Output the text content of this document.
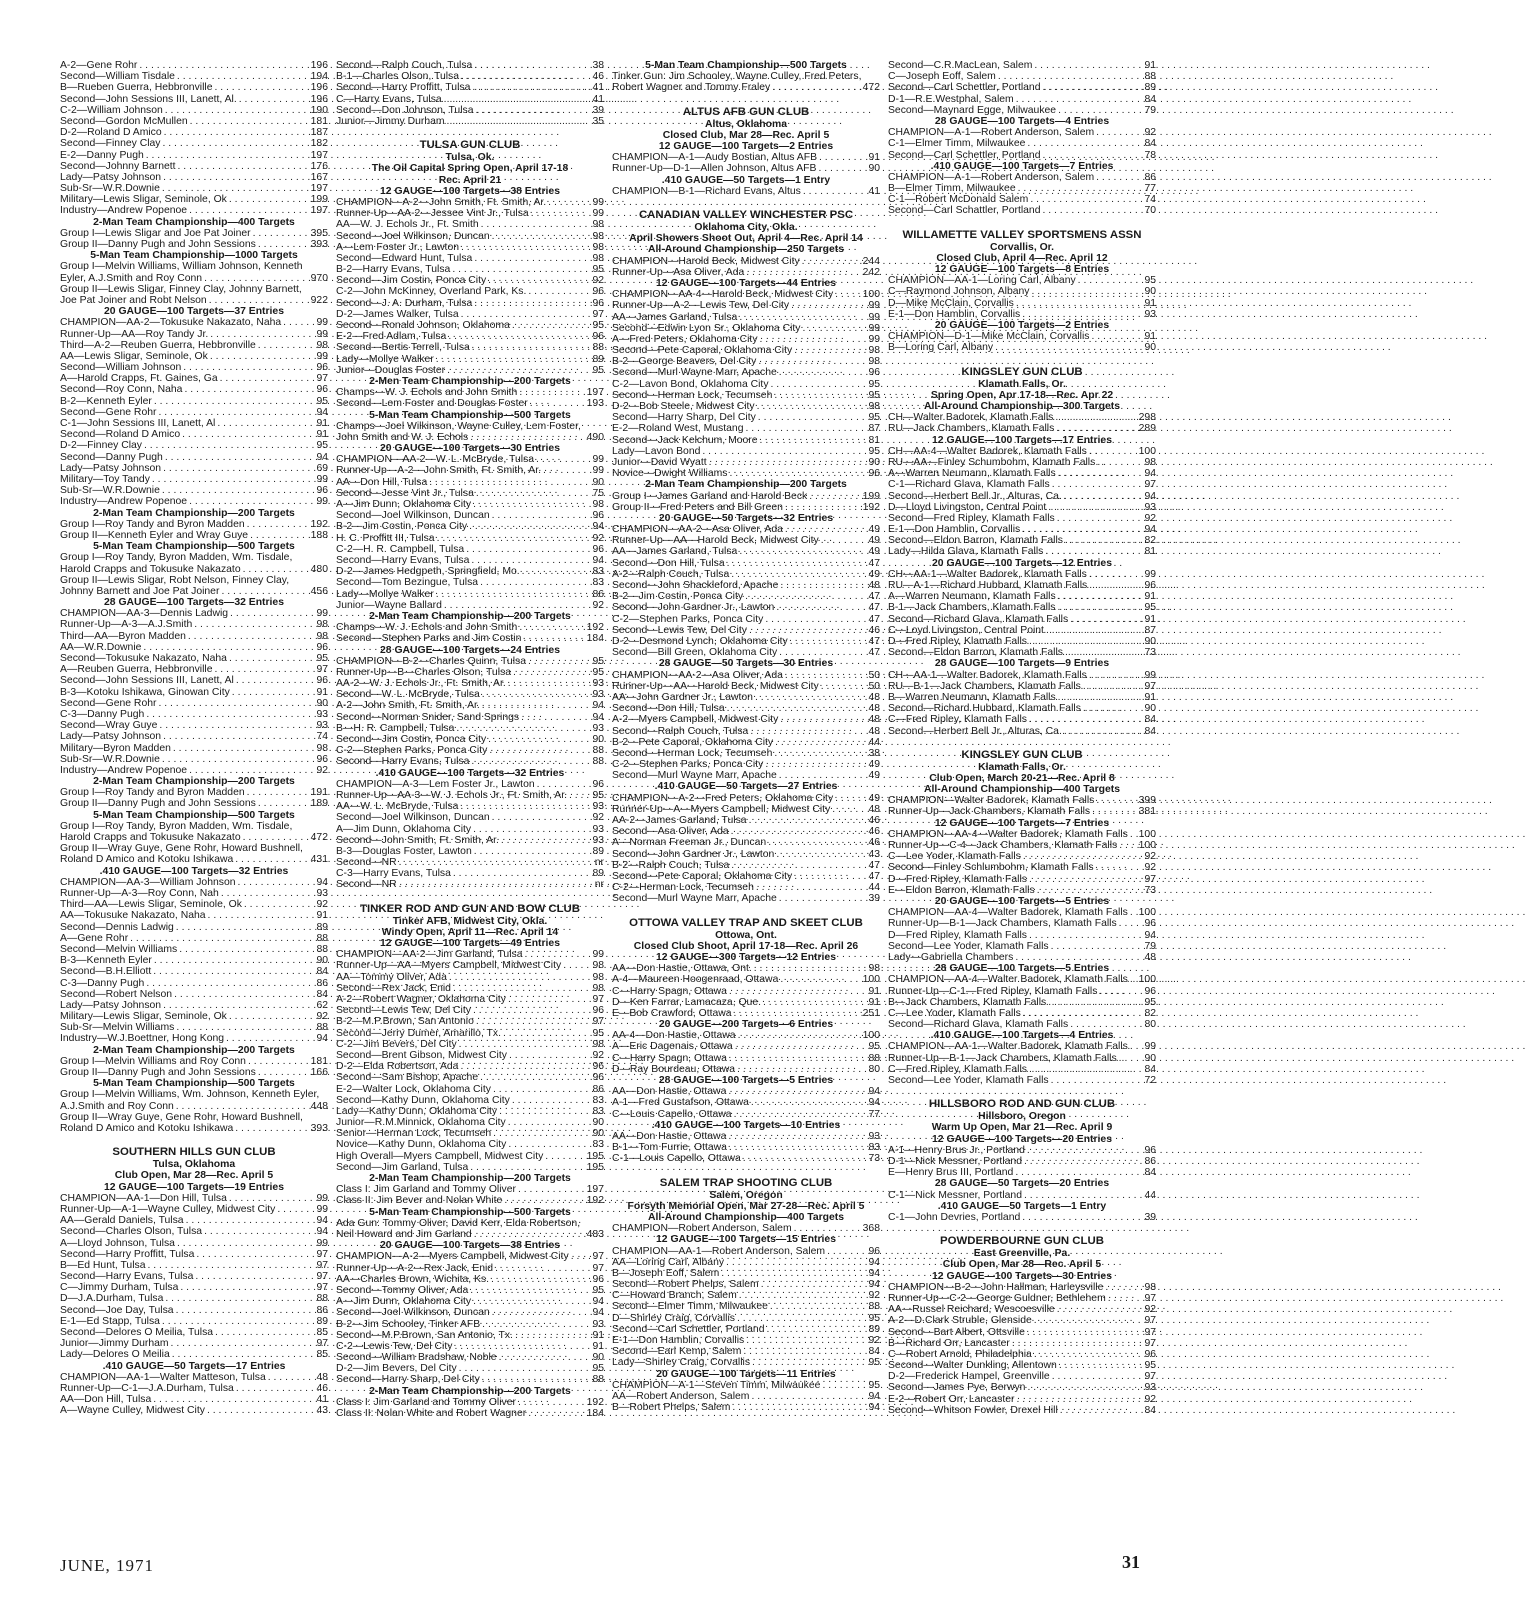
A-2—Gene Rohr . . .	196
Second—William Tisdale . . .	194
B—Rueben Guerra, Hebbronville . . .	196
Second—John Sessions III, Lanett, Al. . . .	196
C-2—William Johnson . . .	190
Second—Gordon McMullen . . .	181
D-2—Roland D Amico . . .	187
Second—Finney Clay . . .	182
E-2—Danny Pugh . . .	197
Second—Johnny Barnett . . .	176
Lady—Patsy Johnson . . .	167
Sub-Sr—W.R.Downie . . .	197
Military—Lewis Sligar, Seminole, Ok . . .	199
Industry—Andrew Popenoe . . .	197
2-Man Team Championship—400 Targets
Group I—Lewis Sligar and Joe Pat Joiner . . .	395
Group II—Danny Pugh and John Sessions . . .	393
5-Man Team Championship—1000 Targets
Group I—Melvin Williams, William Johnson, Kenneth
Eyler, A.J.Smith and Roy Conn . . .	970
Group II—Lewis Sligar, Finney Clay, Johnny Barnett,
Joe Pat Joiner and Robt Nelson . . .	922
20 GAUGE—100 Targets—37 Entries
CHAMPION—AA-2—Tokusuke Nakazato, Naha . . .	99
Runner-Up—AA—Roy Tandy Jr. . . .	99
Third—A-2—Reuben Guerra, Hebbronville . . .	98
AA—Lewis Sligar, Seminole, Ok . . .	99
Second—William Johnson . . .	96
A—Harold Crapps, Ft. Gaines, Ga . . .	97
Second—Roy Conn, Naha . . .	96
B-2—Kenneth Eyler . . .	95
Second—Gene Rohr . . .	94
C-1—John Sessions III, Lanett, Al . . .	91
Second—Roland D Amico . . .	91
D-2—Finney Clay . . .	95
Second—Danny Pugh . . .	94
Lady—Patsy Johnson . . .	69
Military—Toy Tandy . . .	99
Sub-Sr—W.R.Downie . . .	96
Industry—Andrew Popenoe . . .	99
2-Man Team Championship—200 Targets
Group I—Roy Tandy and Byron Madden . . .	192
Group II—Kenneth Eyler and Wray Guye . . .	188
5-Man Team Championship—500 Targets
Group I—Roy Tandy, Byron Madden, Wm. Tisdale,
Harold Crapps and Tokusuke Nakazato . . .	480
Group II—Lewis Sligar, Robt Nelson, Finney Clay,
Johnny Barnett and Joe Pat Joiner . . .	456
28 GAUGE—100 Targets—32 Entries
CHAMPION—AA-3—Dennis Ladwig . . .	99
Runner-Up—A-3—A.J.Smith . . .	98
Third—AA—Byron Madden . . .	98
AA—W.R.Downie . . .	96
Second—Tokusuke Nakazato, Naha . . .	95
A—Reuben Guerra, Hebbronville . . .	97
Second—John Sessions III, Lanett, Al . . .	96
B-3—Kotoku Ishikawa, Ginowan City . . .	91
Second—Gene Rohr . . .	90
C-3—Danny Pugh . . .	93
Second—Wray Guye . . .	93
Lady—Patsy Johnson . . .	74
Military—Byron Madden . . .	98
Sub-Sr—W.R.Downie . . .	96
Industry—Andrew Popenoe . . .	92
2-Man Team Championship—200 Targets
Group I—Roy Tandy and Byron Madden . . .	191
Group II—Danny Pugh and John Sessions . . .	189
5-Man Team Championship—500 Targets
Group I—Roy Tandy, Byron Madden, Wm. Tisdale,
Harold Crapps and Tokusuke Nakazato . . .	472
Group II—Wray Guye, Gene Rohr, Howard Bushnell,
Roland D Amico and Kotoku Ishikawa . . .	431
.410 GAUGE—100 Targets—32 Entries
CHAMPION—AA-3—William Johnson . . .	94
Runner-Up—A-3—Roy Conn, Nah . . .	93
Third—AA—Lewis Sligar, Seminole, Ok . . .	92
AA—Tokusuke Nakazato, Naha . . .	91
Second—Dennis Ladwig . . .	89
A—Gene Rohr . . .	88
Second—Melvin Williams . . .	88
B-3—Kenneth Eyler . . .	90
Second—B.H.Elliott . . .	84
C-3—Danny Pugh . . .	86
Second—Robert Nelson . . .	84
Lady—Patsy Johnson . . .	62
Military—Lewis Sligar, Seminole, Ok . . .	92
Sub-Sr—Melvin Williams . . .	88
Industry—W.J.Boettner, Hong Kong . . .	94
2-Man Team Championship—200 Targets
Group I—Melvin Williams and Roy Conn . . .	181
Group II—Danny Pugh and John Sessions . . .	166
5-Man Team Championship—500 Targets
Group I—Melvin Williams, Wm. Johnson, Kenneth Eyler,
A.J.Smith and Roy Conn . . .	448
Group II—Wray Guye, Gene Rohr, Howard Bushnell,
Roland D Amico and Kotoku Ishikawa . . .	393
SOUTHERN HILLS GUN CLUB
Tulsa, Oklahoma
Club Open, Mar 28—Rec. April 5
12 GAUGE—100 Targets—19 Entries
CHAMPION—AA-1—Don Hill, Tulsa . . .	99
Runner-Up—A-1—Wayne Culley, Midwest City . . .	99
AA—Gerald Daniels, Tulsa . . .	94
Second—Charles Olson, Tulsa . . .	94
A—Lloyd Johnson, Tulsa . . .	99
Second—Harry Proffitt, Tulsa . . .	97
B—Ed Hunt, Tulsa . . .	97
Second—Harry Evans, Tulsa . . .	97
C—Jimmy Durham, Tulsa . . .	97
D—J.A.Durham, Tulsa . . .	88
Second—Joe Day, Tulsa . . .	86
E-1—Ed Stapp, Tulsa . . .	89
Second—Delores O Meilia, Tulsa . . .	85
Junior—Jimmy Durham . . .	97
Lady—Delores O Meilia . . .	85
.410 GAUGE—50 Targets—17 Entries
CHAMPION—AA-1—Walter Matteson, Tulsa . . .	48
Runner-Up—C-1—J.A.Durham, Tulsa . . .	46
AA—Don Hill, Tulsa . . .	41
A—Wayne Culley, Midwest City . . .	43
Second—Ralph Couch, Tulsa . . .	38
B-1—Charles Olson, Tulsa . . .	46
Second—Harry Proffitt, Tulsa . . .	41
C—Harry Evans, Tulsa . . .	41
Second—Don Johnson, Tulsa . . .	39
Junior—Jimmy Durham . . .	35
TULSA GUN CLUB
Tulsa, Ok.
The Oil Capital Spring Open, April 17-18
Rec. April 21
12 GAUGE—100 Targets—38 Entries
CHAMPION—A-2—John Smith, Ft. Smith, Ar. . . .	99
Runner-Up—AA-2—Jessee Vint Jr., Tulsa . . .	99
AA—W. J. Echols Jr., Ft. Smith . . .	98
Second—Joel Wilkinson, Duncan . . .	98
A—Lem Foster Jr., Lawton . . .	98
Second—Edward Hunt, Tulsa . . .	98
B-2—Harry Evans, Tulsa . . .	95
Second—Jim Costin, Ponca City . . .	92
C-2—John McKinney, Overland Park, Ks. . . .	96
Second—J. A. Durham, Tulsa . . .	96
D-2—James Walker, Tulsa . . .	97
Second—Ronald Johnson, Oklahoma . . .	95
E-2—Fred Adlam, Tulsa . . .	96
Second—Bertis Terrell, Tulsa . . .	88
Lady—Mollye Walker . . .	89
Junior—Douglas Foster . . .	95
2-Men Team Championship—200 Targets
Champs—W. J. Echols and John Smith . . .	197
Second—Lem Foster and Douglas Foster . . .	193
5-Man Team Championship—500 Targets
Champs—Joel Wilkinson, Wayne Culley, Lem Foster,
John Smith and W. J. Echols . . .	490
20 GAUGE—100 Targets—30 Entries
CHAMPION—AA-2—W. L. McBryde, Tulsa . . .	99
Runner-Up—A-2—John Smith, Ft. Smith, Ar. . . .	99
AA—Don Hill, Tulsa . . .	90
Second—Jesse Vint Jr., Tulsa . . .	75
A—Jim Dunn, Oklahoma City . . .	98
Second—Joel Wilkinson, Duncan . . .	96
B-2—Jim Costin, Ponca City . . .	94
H. C. Proffitt III, Tulsa . . .	92
C-2—H. R. Campbell, Tulsa . . .	96
Second—Harry Evans, Tulsa . . .	94
D-2—James Hedgpeth, Springfield, Mo. . . .	83
Second—Tom Bezingue, Tulsa . . .	83
Lady—Mollye Walker . . .	86
Junior—Wayne Ballard . . .	92
2-Man Team Championship—200 Targets
Champs—W. J. Echols and John Smith . . .	192
Second—Stephen Parks and Jim Costin . . .	184
28 GAUGE—100 Targets—24 Entries
CHAMPION—B-2—Charles Quinn, Tulsa . . .	95
Runner-Up—B—Charles Olson, Tulsa . . .	95
AA-2—W. J. Echols Jr., Ft. Smith, Ar. . . .	93
Second—W. L. McBryde, Tulsa . . .	93
A-2—John Smith, Ft. Smith, Ar. . . .	94
Second—Norman Snider, Sand Springs . . .	94
B—H. R. Campbell, Tulsa . . .	93
Second—Jim Costin, Ponca City . . .	90
C-2—Stephen Parks, Ponca City . . .	88
Second—Harry Evans, Tulsa . . .	88
.410 GAUGE—100 Targets—32 Entries
CHAMPION—A-3—Lem Foster Jr., Lawton . . .	96
Runner-Up—AA-3—W. J. Echols Jr., Ft. Smith, Ar. . . . 95
AA—W. L. McBryde, Tulsa . . .	93
Second—Joel Wilkinson, Duncan . . .	92
A—Jim Dunn, Oklahoma City . . .	93
Second—John Smith, Ft. Smith, Ar. . . .	93
B-3—Douglas Foster, Lawton . . .	89
Second—NR . . .	nr
C-3—Harry Evans, Tulsa . . .	89
Second—NR . . .	nr
TINKER ROD AND GUN AND BOW CLUB
Tinker AFB, Midwest City, Okla.
Windy Open, April 11—Rec. April 14
12 GAUGE—100 Targets—49 Entries
CHAMPION—AA-2—Jim Garland, Tulsa . . .	99
Runner-Up—AA—Myers Campbell, Midwest City . . .	98
AA—Tommy Oliver, Ada . . .	98
Second—Rex Jack, Enid . . .	98
A-2—Robert Wagner, Oklahoma City . . .	97
Second—Lewis Tew, Del City . . .	96
B-2—M.P.Brown, San Antonio . . .	97
Second—Jerry Dumer, Amarillo, Tx. . . .	95
C-2—Jim Bevers, Del City . . .	98
Second—Brent Gibson, Midwest City . . .	92
D-2—Elda Robertson, Ada . . .	96
Second—Sam Bishop, Apache . . .	96
E-2—Walter Lock, Oklahoma City . . .	86
Second—Kathy Dunn, Oklahoma City . . .	83
Lady—Kathy Dunn, Oklahoma City . . .	83
Junior—R.M.Minnick, Oklahoma City . . .	90
Senior—Herman Lock, Tecumseh . . .	90
Novice—Kathy Dunn, Oklahoma City . . .	83
High Overall—Myers Campbell, Midwest City . . .	195
Second—Jim Garland, Tulsa . . .	195
2-Man Team Championship—200 Targets
Class I: Jim Garland and Tommy Oliver . . .	197
Class II: Jim Bever and Nolan White . . .	192
5-Man Team Championship—500 Targets
Ada Gun: Tommy Oliver, David Kerr, Elda Robertson,
Neil Howard and Jim Garland . . .	483
20 GAUGE—100 Targets—38 Entries
CHAMPION—A-2—Myers Campbell, Midwest City . . . 97
Runner-Up—A-2—Rex Jack, Enid . . .	97
AA—Charles Brown, Wichita, Ks. . . .	96
Second—Tommy Oliver, Ada . . .	95
A—Jim Dunn, Oklahoma City . . .	94
Second—Joel Wilkinson, Duncan . . .	94
B-2—Jim Schooley, Tinker AFB . . .	93
Second—M.P.Brown, San Antonio, Tx. . . .	91
C-2—Lewis Tew, Del City . . .	91
Second—William Bradshaw, Noble . . .	90
D-2—Jim Bevers, Del City . . .	95
Second—Harry Sharp, Del City . . .	88
2-Man Team Championship—200 Targets
Class I: Jim Garland and Tommy Oliver . . .	192
Class II: Nolan White and Robert Wagner . . .	184
5-Man Team Championship—500 Targets
Tinker Gun: Jim Schooley, Wayne Culley, Fred Peters,
Robert Wagner and Tommy Fraley . . .	472
ALTUS AFB GUN CLUB
Altus, Oklahoma
Closed Club, Mar 28—Rec. April 5
12 GAUGE—100 Targets—2 Entries
CHAMPION—A-1—Audy Bostian, Altus AFB . . .	91
Runner-Up—D-1—Allen Johnson, Altus AFB . . .	90
.410 GAUGE—50 Targets—1 Entry
CHAMPION—B-1—Richard Evans, Altus . . .	41
CANADIAN VALLEY WINCHESTER PSC
Oklahoma City, Okla.
April Showers Shoot Out, April 4—Rec. April 14
All-Around Championship—250 Targets
CHAMPION—Harold Beck, Midwest City . . .	244
Runner-Up—Asa Oliver, Ada . . .	242
12 GAUGE—100 Targets—44 Entries
CHAMPION—AA-4—Harold Beck, Midwest City . . .	100
Runner-Up—A-2—Lewis Tew, Del City . . .	99
AA—James Garland, Tulsa . . .	99
Second—Edwin Lyon Sr., Oklahoma City . . .	99
A—Fred Peters, Oklahoma City . . .	99
Second—Pete Caporal, Oklahoma City . . .	98
B-2—George Beavers, Del City . . .	98
Second—Murl Wayne Marr, Apache . . .	96
C-2—Lavon Bond, Oklahoma City . . .	95
Second—Herman Lock, Tecumseh . . .	95
D-2—Bob Steele, Midwest City . . .	98
Second—Harry Sharp, Del City . . .	95
E-2—Roland West, Mustang . . .	87
Second—Jack Kelchum, Moore . . .	81
Lady—Lavon Bond . . .	95
Junior—David Wyatt . . .	90
Novice—Dwight Williams . . .	96
2-Man Team Championship—200 Targets
Group I—James Garland and Harold Beck . . .	199
Group II—Fred Peters and Bill Green . . .	192
20 GAUGE—50 Targets—32 Entries
CHAMPION—AA-2—Asa Oliver, Ada . . .	49
Runner-Up—AA—Harold Beck, Midwest City . . .	49
AA—James Garland, Tulsa . . .	49
Second—Don Hill, Tulsa . . .	47
A-2—Ralph Couch, Tulsa . . .	49
Second—John Shackleford, Apache . . .	48
B-2—Jim Costin, Ponca City . . .	47
Second—John Gardner Jr., Lawton . . .	47
C-2—Stephen Parks, Ponca City . . .	47
Second—Lewis Tew, Del City . . .	46
D-2—Desmond Lynch, Oklahoma City . . .	47
Second—Bill Green, Oklahoma City . . .	47
28 GAUGE—50 Targets—30 Entries
CHAMPION—AA-2—Asa Oliver, Ada . . .	50
Runner-Up—AA—Harold Beck, Midwest City . . .	50
AA—John Gardner Jr., Lawton . . .	48
Second—Don Hill, Tulsa . . .	48
A-2—Myers Campbell, Midwest City . . .	48
Second—Ralph Couch, Tulsa . . .	48
B-2—Pete Caporal, Oklahoma City . . .	44
Second—Herman Lock, Tecumseh . . .	38
C-2—Stephen Parks, Ponca City . . .	49
Second—Murl Wayne Marr, Apache . . .	49
.410 GAUGE—50 Targets—27 Entries
CHAMPION—A-2—Fred Peters, Oklahoma City . . .	49
Runner-Up—A—Myers Campbell, Midwest City . . .	48
AA-2—James Garland, Tulsa . . .	46
Second—Asa Oliver, Ada . . .	46
A—Norman Freeman Jr., Duncan . . .	46
Second—John Gardner Jr., Lawton . . .	43
B-2—Ralph Couch, Tulsa . . .	47
Second—Pete Caporal, Oklahoma City . . .	47
C-2—Herman Lock, Tecumseh . . .	44
Second—Murl Wayne Marr, Apache . . .	39
OTTOWA VALLEY TRAP AND SKEET CLUB
Ottowa, Ont.
Closed Club Shoot, April 17-18—Rec. April 26
12 GAUGE—300 Targets—12 Entries
AA—Don Hastie, Ottawa, Ont. . . .	98
A-4—Maureen Hoogenraad, Ottawa . . .	100
C—Harry Spagn, Ottawa . . .	91
D—Ken Farrar, Lamacaza, Que. . . .	91
E—Bob Crawford, Ottawa . . .	251
20 GAUGE—200 Targets—6 Entries
AA-4—Don Hastie, Ottawa . . .	100
A—Eric Dagenais, Ottawa . . .	95
C—Harry Spagn, Ottawa . . .	88
D—Ray Bourdeau, Ottawa . . .	80
28 GAUGE—100 Targets—5 Entries
AA—Don Hastie, Ottawa . . .	94
A-1—Fred Gustafson, Ottawa . . .	94
C—Louis Capello, Ottawa . . .	77
.410 GAUGE—100 Targets—10 Entries
AA—Don Hastie, Ottawa . . .	93
B-1—Tom Furrie, Ottawa . . .	83
C-1—Louis Capello, Ottawa . . .	73
SALEM TRAP SHOOTING CLUB
Salem, Oregon
Forsyth Memorial Open, Mar 27-28—Rec. April 5
All-Around Championship—400 Targets
CHAMPION—Robert Anderson, Salem . . .	368
12 GAUGE—100 Targets—15 Entries
CHAMPION—AA-1—Robert Anderson, Salem . . .	96
AA—Loring Carl, Albany . . .	94
B—Joseph Eoff, Salem . . .	94
Second—Robert Phelps, Salem . . .	94
C—Howard Branch, Salem . . .	92
Second—Elmer Timm, Milwaukee . . .	88
D—Shirley Craig, Corvallis . . .	95
Second—Carl Schettler, Portland . . .	89
E-1—Don Hamblin, Corvallis . . .	92
Second—Earl Kemp, Salem . . .	84
Lady—Shirley Craig, Corvallis . . .	95
20 GAUGE—100 Targets—11 Entries
CHAMPION—A-1—Steven Timm, Milwaukee . . .	95
AA—Robert Anderson, Salem . . .	94
B—Robert Phelps, Salem . . .	94
Second—C.R.MacLean, Salem . . .	91
C—Joseph Eoff, Salem . . .	88
Second—Carl Schettler, Portland . . .	89
D-1—R.E.Westphal, Salem . . .	84
Second—Maynard Egge, Milwaukee . . .	79
28 GAUGE—100 Targets—4 Entries
CHAMPION—A-1—Robert Anderson, Salem . . .	92
C-1—Elmer Timm, Milwaukee . . .	84
Second—Carl Schettler, Portland . . .	78
.410 GAUGE—100 Targets—7 Entries
CHAMPION—A-1—Robert Anderson, Salem . . .	86
B—Elmer Timm, Milwaukee . . .	77
C-1—Robert McDonald Salem . . .	74
Second—Carl Schattler, Portland . . .	70
WILLAMETTE VALLEY SPORTSMENS ASSN
Corvallis, Or.
Closed Club, April 4—Rec. April 12
12 GAUGE—100 Targets—8 Entries
CHAMPION—AA-1—Loring Carl, Albany . . .	95
C—Raymond Johnson, Albany . . .	90
D—Mike McClain, Corvallis . . .	91
E-1—Don Hamblin, Corvallis . . .	93
20 GAUGE—100 Targets—2 Entries
CHAMPION—D-1—Mike McClain, Corvallis . . .	91
B—Loring Carl, Albany . . .	90
KINGSLEY GUN CLUB
Klamath Falls, Or.
Spring Open, Apr 17-18—Rec. Apr 22
All-Around Championship—300 Targets
CH—Walter Badorek, Klamath Falls . . .	298
RU—Jack Chambers, Klamath Falls . . .	289
12 GAUGE—100 Targets—17 Entries
CH—AA-4—Walter Badorek, Klamath Falls . . .	100
RU—AA—Finley Schumbohm, Klamath Falls . . .	98
A—Warren Neumann, Klamath Falls . . .	94
C-1—Richard Glava, Klamath Falls . . .	97
Second—Herbert Bell Jr., Alturas, Ca. . . .	94
D—Lloyd Livingston, Central Point . . .	93
Second—Fred Ripley, Klamath Falls . . .	92
E-1—Don Hamblin, Corvallis . . .	94
Second—Eldon Barron, Klamath Falls . . .	82
Lady—Hilda Glava, Klamath Falls . . .	81
20 GAUGE—100 Targets—12 Entries
CH—AA-1—Walter Badorek, Klamath Falls . . .	99
RU—A-1—Richard Hubbard, Klamath Falls . . .	96
A—Warren Neumann, Klamath Falls . . .	91
B-1—Jack Chambers, Klamath Falls . . .	95
Second—Richard Glava, Klamath Falls . . .	91
C—Loyd Livingston, Central Point . . .	87
D—Fred Ripley, Klamath Falls . . .	90
Second—Eldon Barron, Klamath Falls . . .	73
28 GAUGE—100 Targets—9 Entries
CH—AA-1—Walter Badorek, Klamath Falls . . .	99
RU—B-1—Jack Chambers, Klamath Falls . . .	97
B—Warren Neumann, Klamath Falls . . .	91
Second—Richard Hubbard, Klamath Falls . . .	90
C—Fred Ripley, Klamath Falls . . .	84
Second—Herbert Bell Jr., Alturas, Ca. . . .	84
KINGSLEY GUN CLUB
Klamath Falls, Or.
Club Open, March 20-21—Rec. April 8
All-Around Championship—400 Targets
CHAMPION—Walter Badorek, Klamath Falls . . .	399
Runner-Up—Jack Chambers, Klamath Falls . . .	381
12 GAUGE—100 Targets—7 Entries
CHAMPION—AA-4—Walter Badorek, Klamath Falls . . . 100
Runner-Up—C-4—Jack Chambers, Klamath Falls . . . 100
C—Lee Yoder, Klamath Falls . . .	92
Second—Finley Schlumbohm, Klamath Falls . . .	92
D—Fred Ripley, Klamath Falls . . .	97
E—Eldon Barron, Klamath Falls . . .	73
20 GAUGE—100 Targets—5 Entries
CHAMPION—AA-4—Walter Badorek, Klamath Falls . . . 100
Runner-Up—B-1—Jack Chambers, Klamath Falls . . .	96
D—Fred Ripley, Klamath Falls . . .	94
Second—Lee Yoder, Klamath Falls . . .	79
Lady—Gabriella Chambers . . .	48
28 GAUGE—100 Targets—5 Entries
CHAMPION—AA-4—Walter Badorek, Klamath Falls . . . 100
Runner-Up—C-1—Fred Ripley, Klamath Falls . . .	96
B—Jack Chambers, Klamath Falls . . .	95
C—Lee Yoder, Klamath Falls . . .	82
Second—Richard Glava, Klamath Falls . . .	80
.410 GAUGE—100 Targets—4 Entries
CHAMPION—AA-1—Walter Badorek, Klamath Falls . . . 99
Runner-Up—B-1—Jack Chambers, Klamath Falls . . .	90
C—Fred Ripley, Klamath Falls . . .	84
Second—Lee Yoder, Klamath Falls . . .	72
HILLSBORO ROD AND GUN CLUB
Hillsboro, Oregon
Warm Up Open, Mar 21—Rec. April 9
12 GAUGE—100 Targets—20 Entries
A-1—Henry Brus Jr., Portland . . .	96
D-1—Nick Messner, Portland . . .	86
E—Henry Brus III, Portland . . .	84
28 GAUGE—50 Targets—20 Entries
C-1—Nick Messner, Portland . . .	44
.410 GAUGE—50 Targets—1 Entry
C-1—John Devries, Portland . . .	39
POWDERBOURNE GUN CLUB
East Greenville, Pa.
Club Open, Mar 28—Rec. April 5
12 GAUGE—100 Targets—30 Entries
CHAMPION—B-2—John Hallman, Harleysville . . .	98
Runner-Up—C-2—George Guldner, Bethlehem . . .	97
AA—Russel Reichard, Wescoesville . . .	92
A-2—D.Clark Struble, Glenside . . .	97
Second—Bart Albert, Ottsville . . .	97
B—Richard Orr, Lancaster . . .	97
C—Robert Arnold, Philadelphia . . .	96
Second—Walter Dunkling, Allentown . . .	95
D-2—Frederick Hampel, Greenville . . .	97
Second—James Pye, Berwyn . . .	93
E-2—Robert Orr, Lancaster . . .	92
Second—Whitson Fowler, Drexel Hill . . .	84
JUNE, 1971	31
